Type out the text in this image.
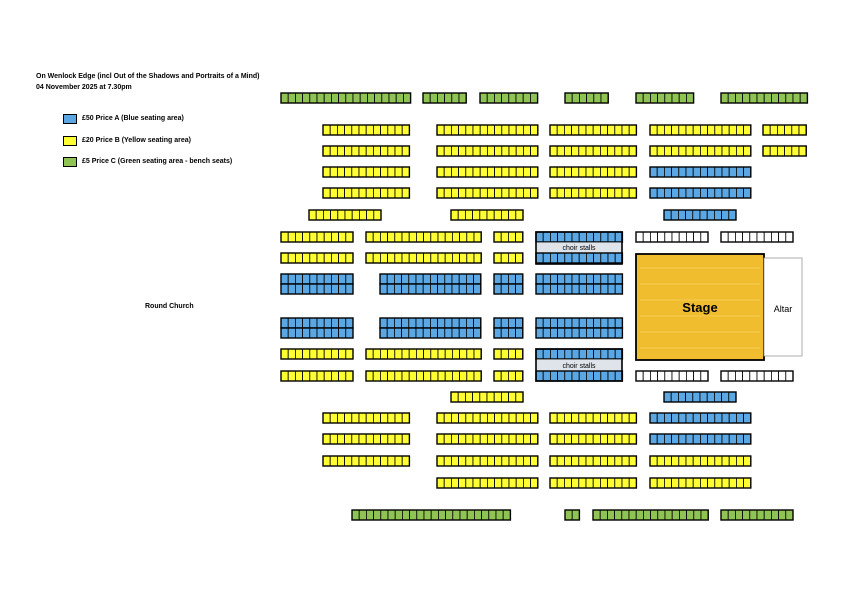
On Wenlock Edge (incl Out of the Shadows and Portraits of a Mind)
04 November 2025 at 7.30pm
£50 Price A (Blue seating area)
£20 Price B (Yellow seating area)
£5 Price C (Green seating area - bench seats)
Round Church
choir stalls
Stage	Altar
choir stalls
